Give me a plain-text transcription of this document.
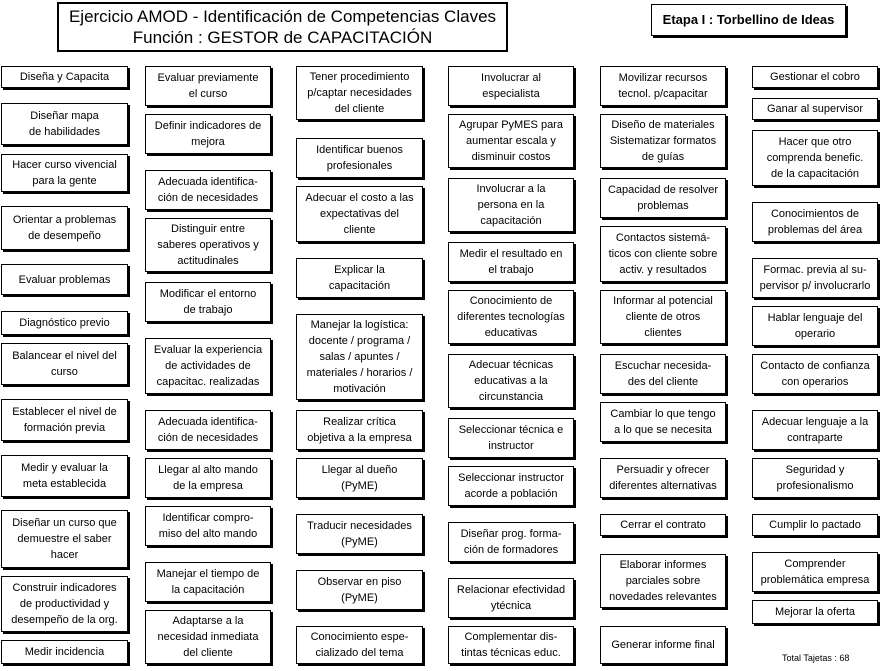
Ejercicio AMOD - Identificación de Competencias Claves
Función : GESTOR de CAPACITACIÓN
Etapa I : Torbellino de Ideas
Diseña y Capacita
Diseñar mapa
de habilidades
Hacer curso vivencial
para la gente
Orientar a problemas
de desempeño
Evaluar problemas
Diagnóstico previo
Balancear el nivel del
curso
Establecer el nivel de
formación previa
Medir y evaluar la
meta establecida
Diseñar un curso que
demuestre el saber
hacer
Construir indicadores
de productividad y
desempeño de la org.
Medir incidencia
Evaluar previamente
el curso
Definir indicadores de
mejora
Adecuada identifica-
ción de necesidades
Distinguir entre
saberes operativos y
actitudinales
Modificar el entorno
de trabajo
Evaluar la experiencia
de actividades de
capacitac. realizadas
Adecuada identifica-
ción de necesidades
Llegar al alto mando
de la empresa
Identificar compro-
miso del alto mando
Manejar el tiempo de
la capacitación
Adaptarse a la
necesidad inmediata
del cliente
Tener procedimiento
p/captar necesidades
del cliente
Identificar buenos
profesionales
Adecuar el costo a las
expectativas del
cliente
Explicar la
capacitación
Manejar la logística:
docente / programa /
salas / apuntes /
materiales / horarios /
motivación
Realizar crítica
objetiva a la empresa
Llegar al dueño
(PyME)
Traducir necesidades
(PyME)
Observar en piso
(PyME)
Conocimiento espe-
cializado del tema
Involucrar al
especialista
Agrupar PyMES para
aumentar escala y
disminuir costos
Involucrar a la
persona en la
capacitación
Medir el resultado en
el trabajo
Conocimiento de
diferentes tecnologías
educativas
Adecuar técnicas
educativas a la
circunstancia
Seleccionar técnica e
instructor
Seleccionar instructor
acorde a población
Diseñar prog. forma-
ción de formadores
Relacionar efectividad
ytécnica
Complementar dis-
tintas técnicas educ.
Movilizar recursos
tecnol. p/capacitar
Diseño de materiales
Sistematizar formatos
de guías
Capacidad de resolver
problemas
Contactos sistemá-
ticos con cliente sobre
activ. y resultados
Informar al potencial
cliente de otros
clientes
Escuchar necesida-
des del cliente
Cambiar lo que tengo
a lo que se necesita
Persuadir y ofrecer
diferentes alternativas
Cerrar el contrato
Elaborar informes
parciales sobre
novedades relevantes
Generar informe final
Gestionar el cobro
Ganar al supervisor
Hacer que otro
comprenda benefic.
de la capacitación
Conocimientos de
problemas del área
Formac. previa al su-
pervisor p/ involucrarlo
Hablar lenguaje del
operario
Contacto de confianza
con operarios
Adecuar lenguaje a la
contraparte
Seguridad y
profesionalismo
Cumplir lo pactado
Comprender
problemática empresa
Mejorar la oferta
Total Tajetas : 68
